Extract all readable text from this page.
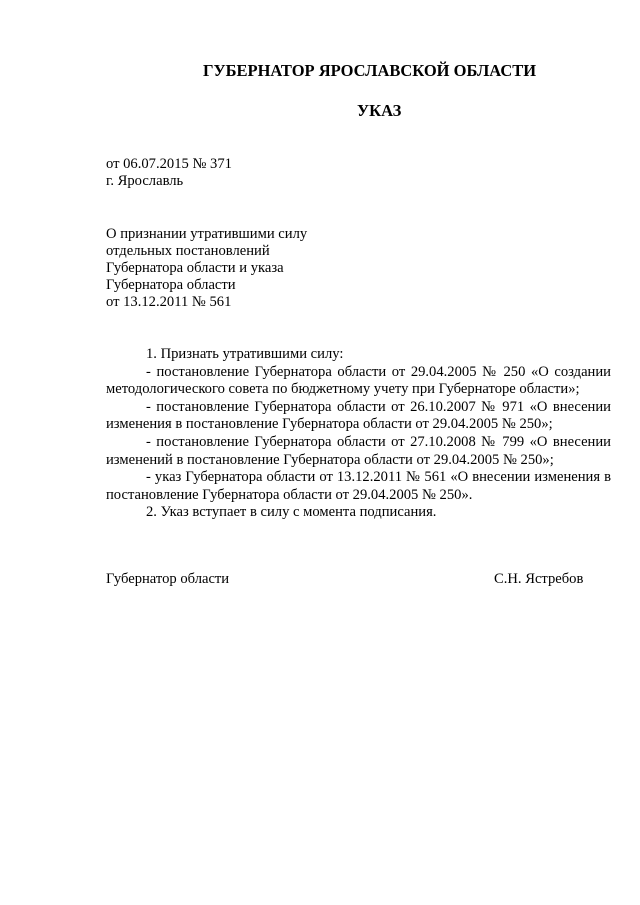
ГУБЕРНАТОР ЯРОСЛАВСКОЙ ОБЛАСТИ
УКАЗ
от 06.07.2015 № 371
г. Ярославль
О признании утратившими силу
отдельных постановлений
Губернатора области и указа
Губернатора области
от 13.12.2011 № 561

1. Признать утратившими силу:

- постановление Губернатора области от 29.04.2005 № 250 «О создании методологического совета по бюджетному учету при Губернаторе области»;

- постановление Губернатора области от 26.10.2007 № 971 «О внесении изменения в постановление Губернатора области от 29.04.2005 № 250»;

- постановление Губернатора области от 27.10.2008 № 799 «О внесении изменений в постановление Губернатора области от 29.04.2005 № 250»;

- указ Губернатора области от 13.12.2011 № 561 «О внесении изменения в постановление Губернатора области от 29.04.2005 № 250».

2. Указ вступает в силу с момента подписания.

Губернатор области	С.Н. Ястребов
